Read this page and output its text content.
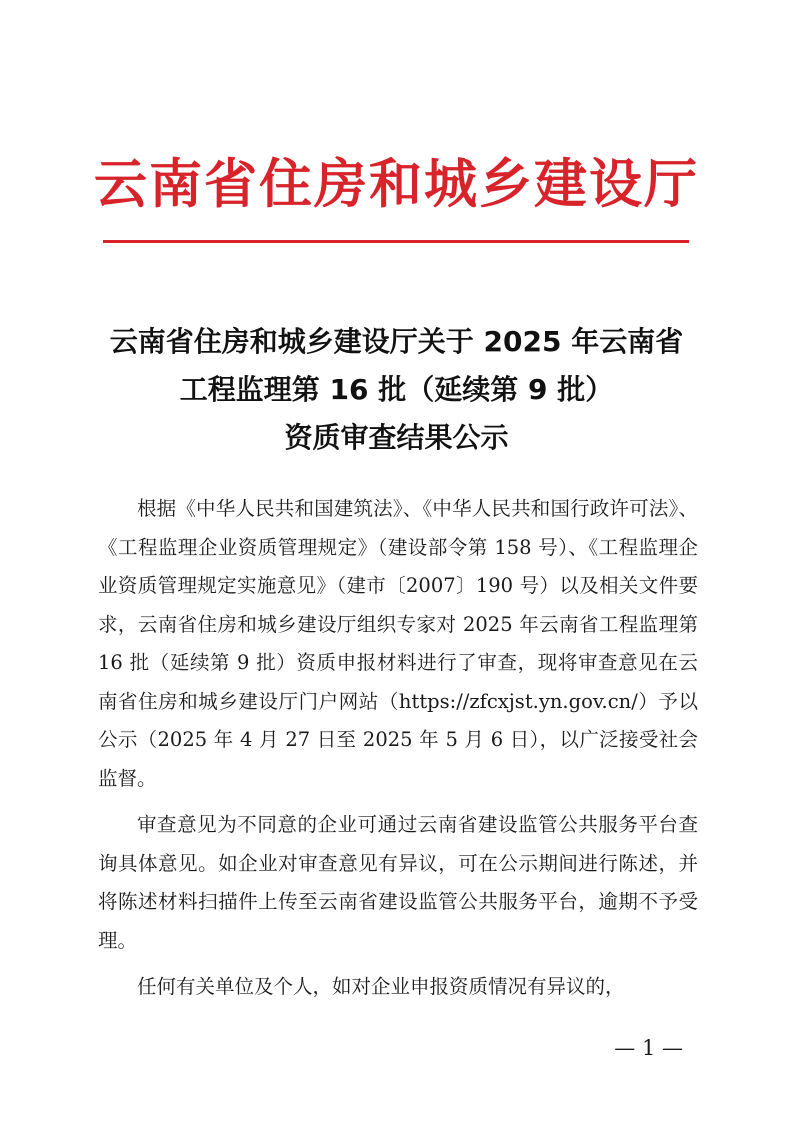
云南省住房和城乡建设厅
云南省住房和城乡建设厅关于 2025 年云南省
工程监理第 16 批（延续第 9 批）
资质审查结果公示

根据《中华人民共和国建筑法》、《中华人民共和国行政许可法》、《工程监理企业资质管理规定》（建设部令第 158 号）、《工程监理企业资质管理规定实施意见》（建市〔2007〕190 号）以及相关文件要求，云南省住房和城乡建设厅组织专家对 2025 年云南省工程监理第 16 批（延续第 9 批）资质申报材料进行了审查，现将审查意见在云南省住房和城乡建设厅门户网站（https://zfcxjst.yn.gov.cn/）予以公示（2025 年 4 月 27 日至 2025 年 5 月 6 日），以广泛接受社会监督。

审查意见为不同意的企业可通过云南省建设监管公共服务平台查询具体意见。如企业对审查意见有异议，可在公示期间进行陈述，并将陈述材料扫描件上传至云南省建设监管公共服务平台，逾期不予受理。

任何有关单位及个人，如对企业申报资质情况有异议的，

— 1 —
